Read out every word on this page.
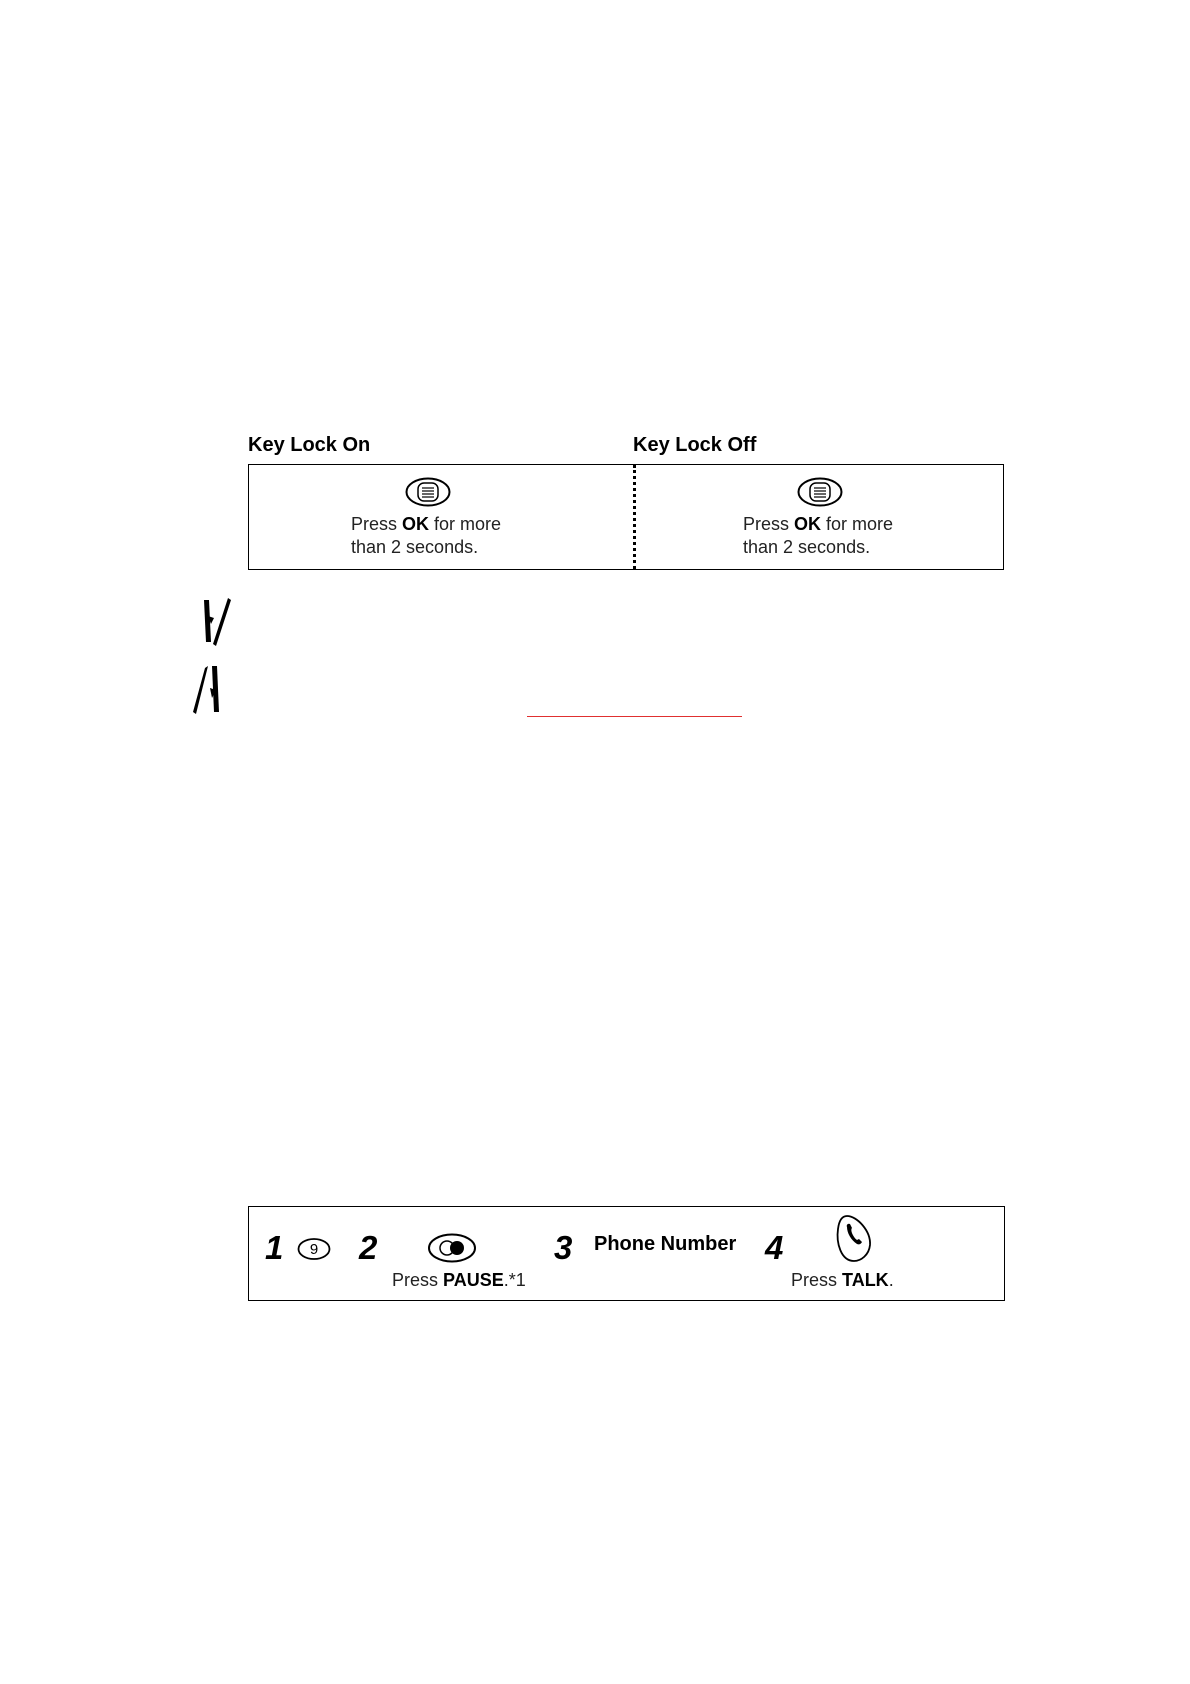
Key Lock On	Key Lock Off
Press OK for more
than 2 seconds.
Press OK for more
than 2 seconds.
1 9 2
Press PAUSE.*1
3 Phone Number 4
Press TALK.
